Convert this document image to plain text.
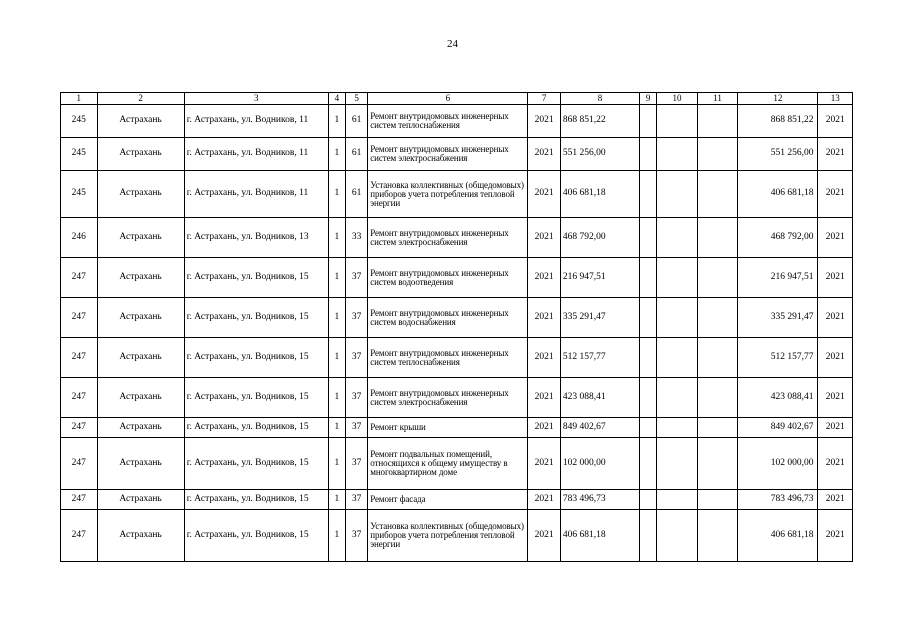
24
1	2	3	4	5	6	7	8	9	10	11	12	13
245	Астрахань	г. Астрахань, ул. Водников, 11	1	61	Ремонт внутридомовых инженерных систем теплоснабжения	2021	868 851,22				868 851,22	2021
245	Астрахань	г. Астрахань, ул. Водников, 11	1	61	Ремонт внутридомовых инженерных систем электроснабжения	2021	551 256,00				551 256,00	2021
245	Астрахань	г. Астрахань, ул. Водников, 11	1	61	Установка коллективных (общедомовых) приборов учета потребления тепловой энергии	2021	406 681,18				406 681,18	2021
246	Астрахань	г. Астрахань, ул. Водников, 13	1	33	Ремонт внутридомовых инженерных систем электроснабжения	2021	468 792,00				468 792,00	2021
247	Астрахань	г. Астрахань, ул. Водников, 15	1	37	Ремонт внутридомовых инженерных систем водоотведения	2021	216 947,51				216 947,51	2021
247	Астрахань	г. Астрахань, ул. Водников, 15	1	37	Ремонт внутридомовых инженерных систем водоснабжения	2021	335 291,47				335 291,47	2021
247	Астрахань	г. Астрахань, ул. Водников, 15	1	37	Ремонт внутридомовых инженерных систем теплоснабжения	2021	512 157,77				512 157,77	2021
247	Астрахань	г. Астрахань, ул. Водников, 15	1	37	Ремонт внутридомовых инженерных систем электроснабжения	2021	423 088,41				423 088,41	2021
247	Астрахань	г. Астрахань, ул. Водников, 15	1	37	Ремонт крыши	2021	849 402,67				849 402,67	2021
247	Астрахань	г. Астрахань, ул. Водников, 15	1	37	Ремонт подвальных помещений, относящихся к общему имуществу в многоквартирном доме	2021	102 000,00				102 000,00	2021
247	Астрахань	г. Астрахань, ул. Водников, 15	1	37	Ремонт фасада	2021	783 496,73				783 496,73	2021
247	Астрахань	г. Астрахань, ул. Водников, 15	1	37	Установка коллективных (общедомовых) приборов учета потребления тепловой энергии	2021	406 681,18				406 681,18	2021
